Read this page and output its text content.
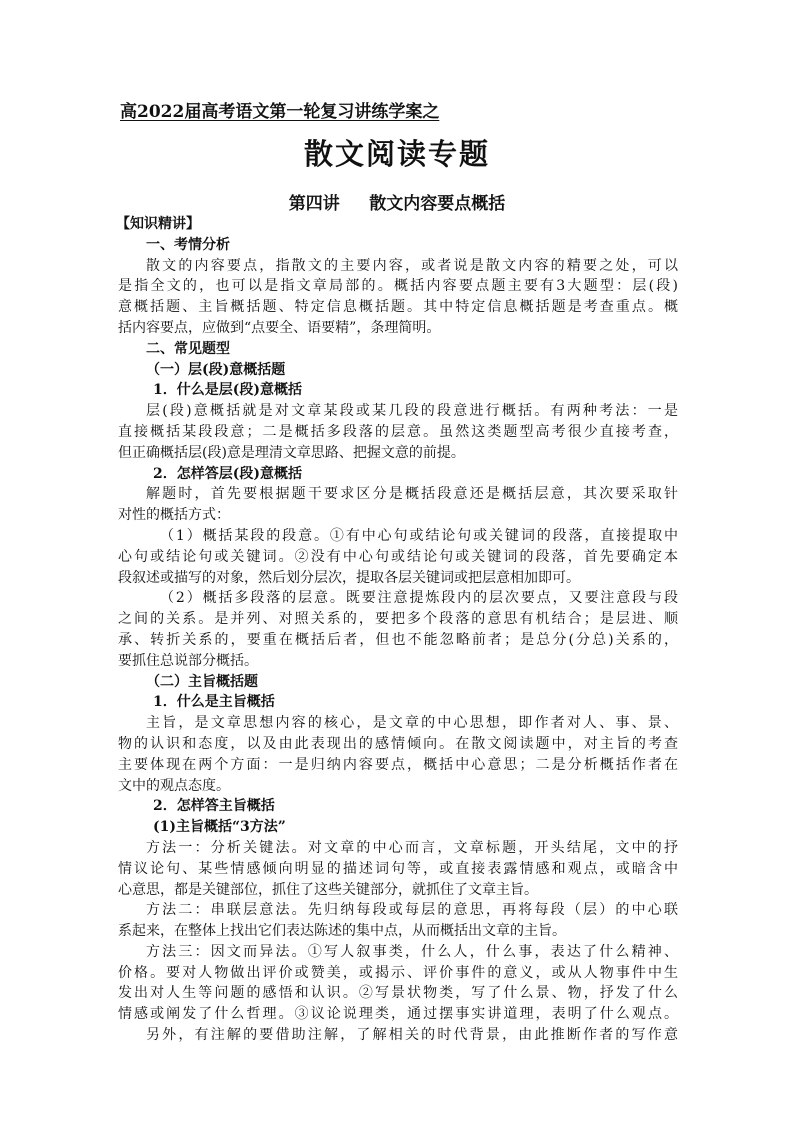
高2022届高考语文第一轮复习讲练学案之
散文阅读专题
第四讲     散文内容要点概括
【知识精讲】
一、考情分析
散文的内容要点，指散文的主要内容，或者说是散文内容的精要之处，可以
是指全文的，也可以是指文章局部的。概括内容要点题主要有3大题型：层(段)
意概括题、主旨概括题、特定信息概括题。其中特定信息概括题是考查重点。概
括内容要点，应做到“点要全、语要精”，条理简明。
二、常见题型
（一）层(段)意概括题
1．什么是层(段)意概括
层(段)意概括就是对文章某段或某几段的段意进行概括。有两种考法：一是
直接概括某段段意；二是概括多段落的层意。虽然这类题型高考很少直接考查，
但正确概括层(段)意是理清文章思路、把握文意的前提。
2．怎样答层(段)意概括
解题时，首先要根据题干要求区分是概括段意还是概括层意，其次要采取针
对性的概括方式：
（1）概括某段的段意。①有中心句或结论句或关键词的段落，直接提取中
心句或结论句或关键词。②没有中心句或结论句或关键词的段落，首先要确定本
段叙述或描写的对象，然后划分层次，提取各层关键词或把层意相加即可。
（2）概括多段落的层意。既要注意提炼段内的层次要点，又要注意段与段
之间的关系。是并列、对照关系的，要把多个段落的意思有机结合；是层进、顺
承、转折关系的，要重在概括后者，但也不能忽略前者；是总分(分总)关系的，
要抓住总说部分概括。
（二）主旨概括题
1．什么是主旨概括
主旨，是文章思想内容的核心，是文章的中心思想，即作者对人、事、景、
物的认识和态度，以及由此表现出的感情倾向。在散文阅读题中，对主旨的考查
主要体现在两个方面：一是归纳内容要点，概括中心意思；二是分析概括作者在
文中的观点态度。
2．怎样答主旨概括
(1)主旨概括“3方法”
方法一：分析关键法。对文章的中心而言，文章标题，开头结尾，文中的抒
情议论句、某些情感倾向明显的描述词句等，或直接表露情感和观点，或暗含中
心意思，都是关键部位，抓住了这些关键部分，就抓住了文章主旨。
方法二：串联层意法。先归纳每段或每层的意思，再将每段（层）的中心联
系起来，在整体上找出它们表达陈述的集中点，从而概括出文章的主旨。
方法三：因文而异法。①写人叙事类，什么人，什么事，表达了什么精神、
价格。要对人物做出评价或赞美，或揭示、评价事件的意义，或从人物事件中生
发出对人生等问题的感悟和认识。②写景状物类，写了什么景、物，抒发了什么
情感或阐发了什么哲理。③议论说理类，通过摆事实讲道理，表明了什么观点。
另外，有注解的要借助注解，了解相关的时代背景，由此推断作者的写作意
